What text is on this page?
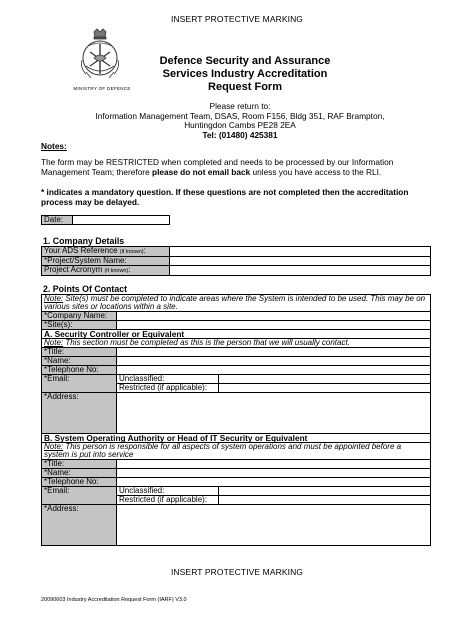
INSERT PROTECTIVE MARKING
MINISTRY OF DEFENCE
Defence Security and Assurance
Services Industry Accreditation
Request Form
Please return to:
Information Management Team, DSAS, Room F156, Bldg 351, RAF Brampton,
Huntingdon Cambs PE28 2EA
Tel: (01480) 425381
Notes:
The form may be RESTRICTED when completed and needs to be processed by our Information
Management Team; therefore please do not email back unless you have access to the RLI.
* indicates a mandatory question. If these questions are not completed then the accreditation
process may be delayed.
Date:	
1. Company Details
Your ADS Reference (if known):	
*Project/System Name:	
Project Acronym (if known):	
2. Points Of Contact
Note: Site(s) must be completed to indicate areas where the System is intended to be used. This may be on various sites or locations within a site.		
*Company Name:		
*Site(s):		
A. Security Controller or Equivalent		
Note: This section must be completed as this is the person that we will usually contact.		
*Title:		
*Name:		
*Telephone No:		
*Email:	Unclassified:	
	Restricted (if applicable):	
*Address:		
B. System Operating Authority or Head of IT Security or Equivalent		
Note: This person is responsible for all aspects of system operations and must be appointed before a system is put into service		
*Title:		
*Name:		
*Telephone No:		
*Email:	Unclassified:	
	Restricted (if applicable):	
*Address:		
INSERT PROTECTIVE MARKING
20090603 Industry Accreditation Request Form (IARF) V3.0
